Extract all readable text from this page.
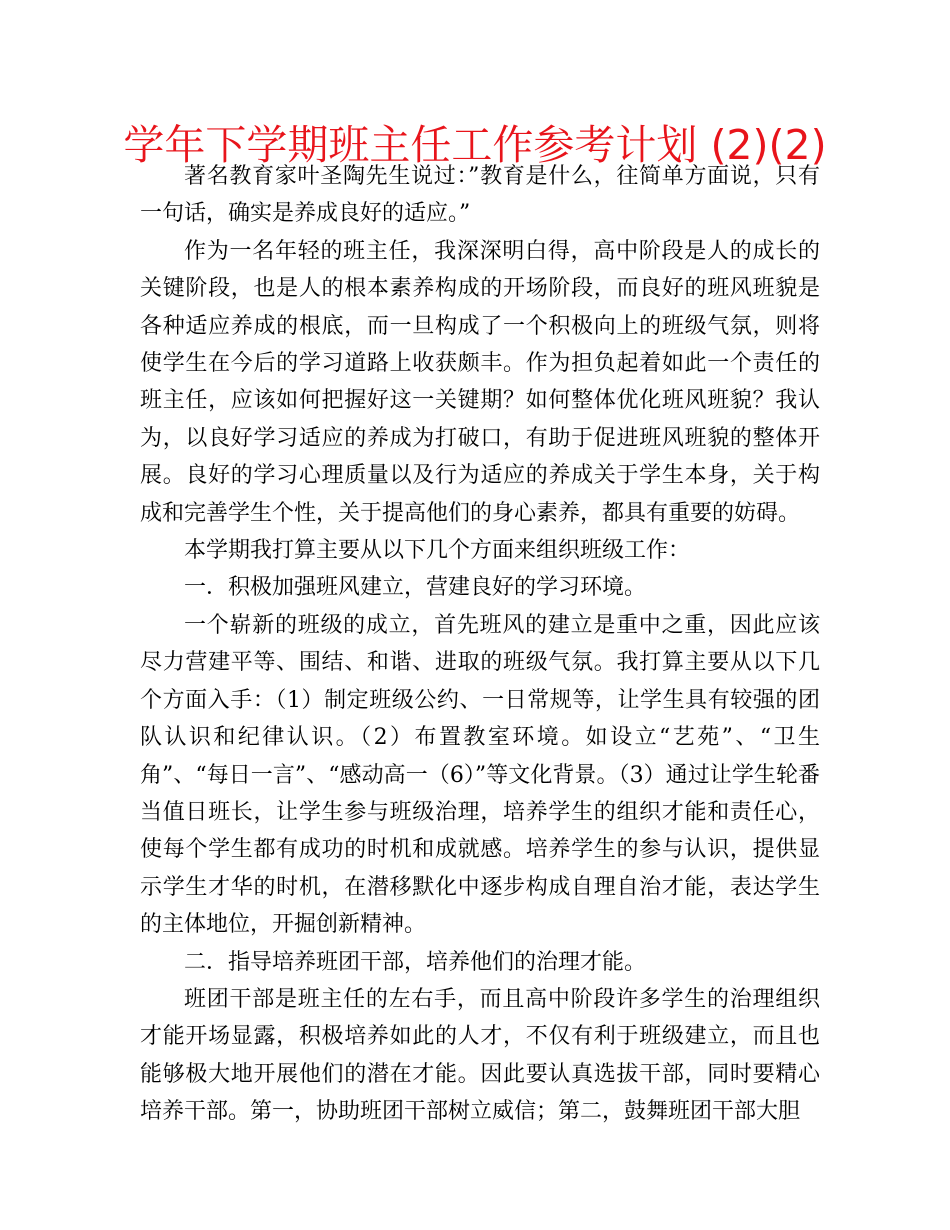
学年下学期班主任工作参考计划 (2)(2)

著名教育家叶圣陶先生说过：”教育是什么，往简单方面说，只有一句话，确实是养成良好的适应。”

作为一名年轻的班主任，我深深明白得，高中阶段是人的成长的关键阶段，也是人的根本素养构成的开场阶段，而良好的班风班貌是各种适应养成的根底，而一旦构成了一个积极向上的班级气氛，则将使学生在今后的学习道路上收获颇丰。作为担负起着如此一个责任的班主任，应该如何把握好这一关键期？如何整体优化班风班貌？我认为，以良好学习适应的养成为打破口，有助于促进班风班貌的整体开展。良好的学习心理质量以及行为适应的养成关于学生本身，关于构成和完善学生个性，关于提高他们的身心素养，都具有重要的妨碍。

本学期我打算主要从以下几个方面来组织班级工作：

一．积极加强班风建立，营建良好的学习环境。

一个崭新的班级的成立，首先班风的建立是重中之重，因此应该尽力营建平等、围结、和谐、进取的班级气氛。我打算主要从以下几个方面入手：（1）制定班级公约、一日常规等，让学生具有较强的团队认识和纪律认识。（2）布置教室环境。如设立“艺苑”、“卫生角”、“每日一言”、“感动高一（6）”等文化背景。（3）通过让学生轮番当值日班长，让学生参与班级治理，培养学生的组织才能和责任心，使每个学生都有成功的时机和成就感。培养学生的参与认识，提供显示学生才华的时机，在潜移默化中逐步构成自理自治才能，表达学生的主体地位，开掘创新精神。

二．指导培养班团干部，培养他们的治理才能。

班团干部是班主任的左右手，而且高中阶段许多学生的治理组织才能开场显露，积极培养如此的人才，不仅有利于班级建立，而且也能够极大地开展他们的潜在才能。因此要认真选拔干部，同时要精心培养干部。第一，协助班团干部树立威信；第二，鼓舞班团干部大胆
